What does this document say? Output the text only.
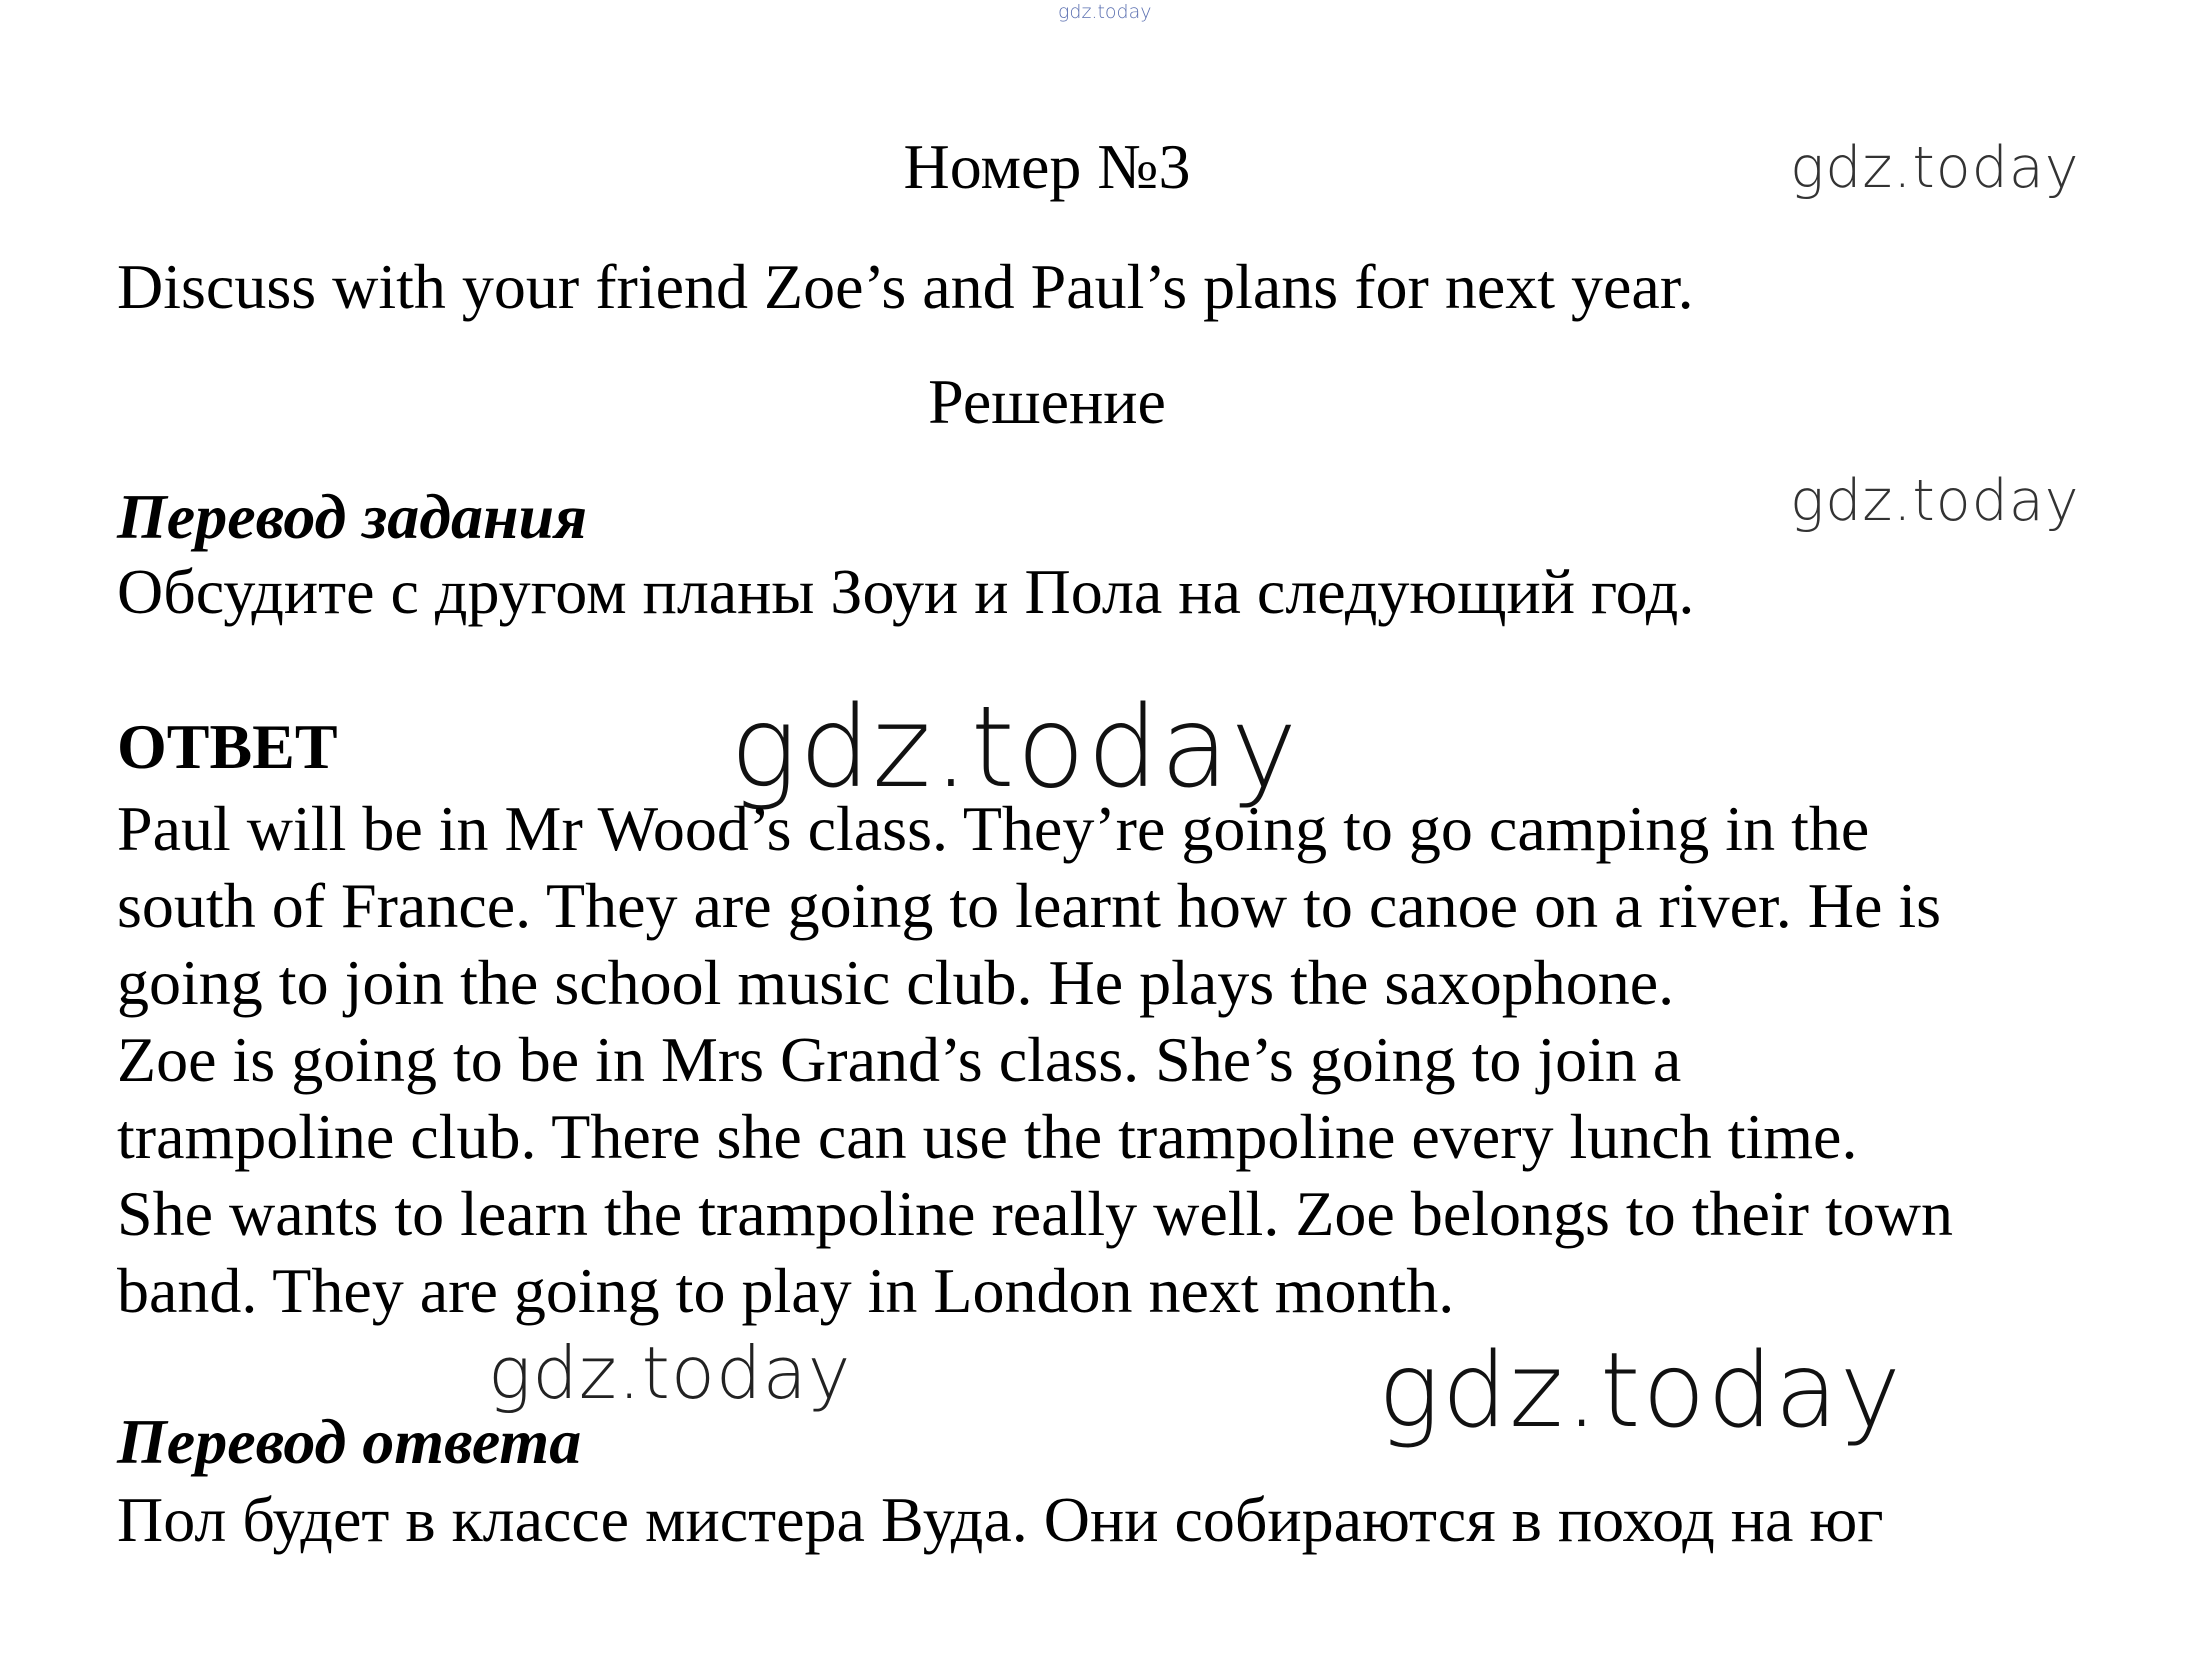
gdz.today
gdz.today
gdz.today
gdz.today
gdz.today	gdz.today
Номер №3
Discuss with your friend Zoe’s and Paul’s plans for next year.
Решение
Перевод задания
Обсудите с другом планы Зоуи и Пола на следующий год.
ОТВЕТ
Paul will be in Mr Wood’s class. They’re going to go camping in the
south of France. They are going to learnt how to canoe on a river. He is
going to join the school music club. He plays the saxophone.
Zoe is going to be in Mrs Grand’s class. She’s going to join a
trampoline club. There she can use the trampoline every lunch time.
She wants to learn the trampoline really well. Zoe belongs to their town
band. They are going to play in London next month.
Перевод ответа
Пол будет в классе мистера Вуда. Они собираются в поход на юг
